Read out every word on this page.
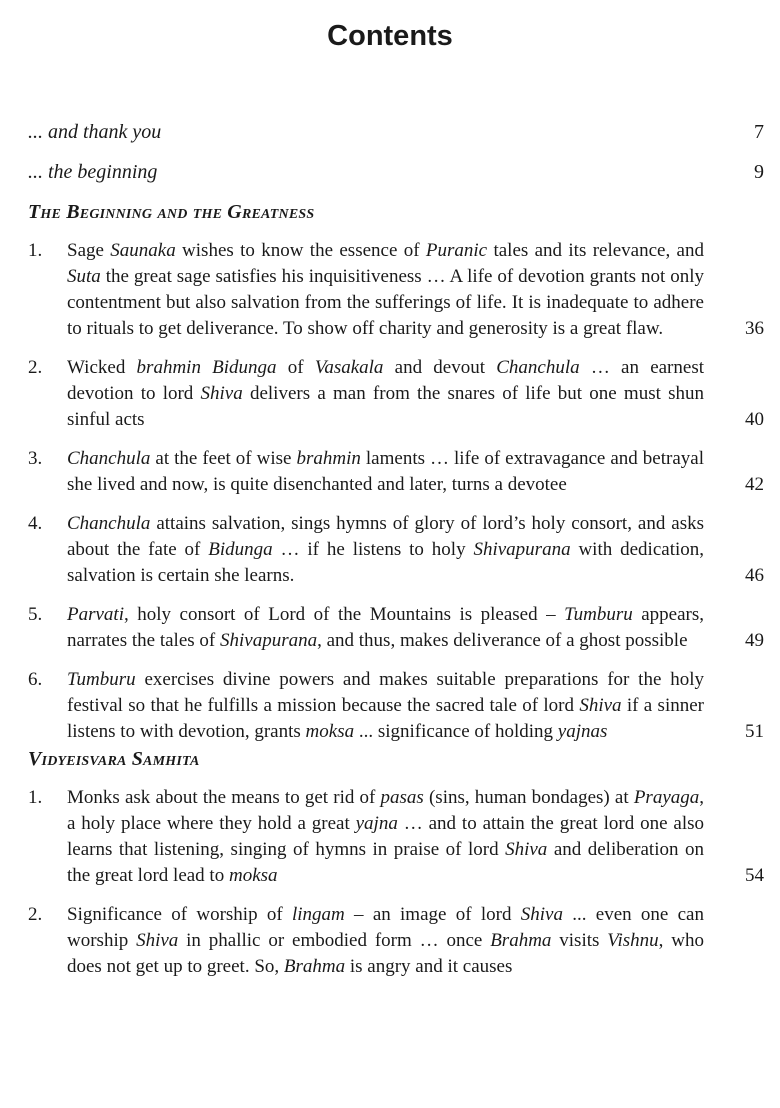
Contents
... and thank you	7
... the beginning	9
The Beginning and the Greatness
1. Sage Saunaka wishes to know the essence of Puranic tales and its relevance, and Suta the great sage satisfies his inquisitiveness … A life of devotion grants not only contentment but also salvation from the sufferings of life. It is inadequate to adhere to rituals to get deliverance. To show off charity and generosity is a great flaw.	36
2. Wicked brahmin Bidunga of Vasakala and devout Chanchula … an earnest devotion to lord Shiva delivers a man from the snares of life but one must shun sinful acts	40
3. Chanchula at the feet of wise brahmin laments … life of extravagance and betrayal she lived and now, is quite disenchanted and later, turns a devotee	42
4. Chanchula attains salvation, sings hymns of glory of lord’s holy consort, and asks about the fate of Bidunga … if he listens to holy Shivapurana with dedication, salvation is certain she learns.	46
5. Parvati, holy consort of Lord of the Mountains is pleased – Tumburu appears, narrates the tales of Shivapurana, and thus, makes deliverance of a ghost possible	49
6. Tumburu exercises divine powers and makes suitable preparations for the holy festival so that he fulfills a mission because the sacred tale of lord Shiva if a sinner listens to with devotion, grants moksa ... significance of holding yajnas	51
Vidyeisvara Samhita
1. Monks ask about the means to get rid of pasas (sins, human bondages) at Prayaga, a holy place where they hold a great yajna … and to attain the great lord one also learns that listening, singing of hymns in praise of lord Shiva and deliberation on the great lord lead to moksa	54
2. Significance of worship of lingam – an image of lord Shiva ... even one can worship Shiva in phallic or embodied form … once Brahma visits Vishnu, who does not get up to greet. So, Brahma is angry and it causes
